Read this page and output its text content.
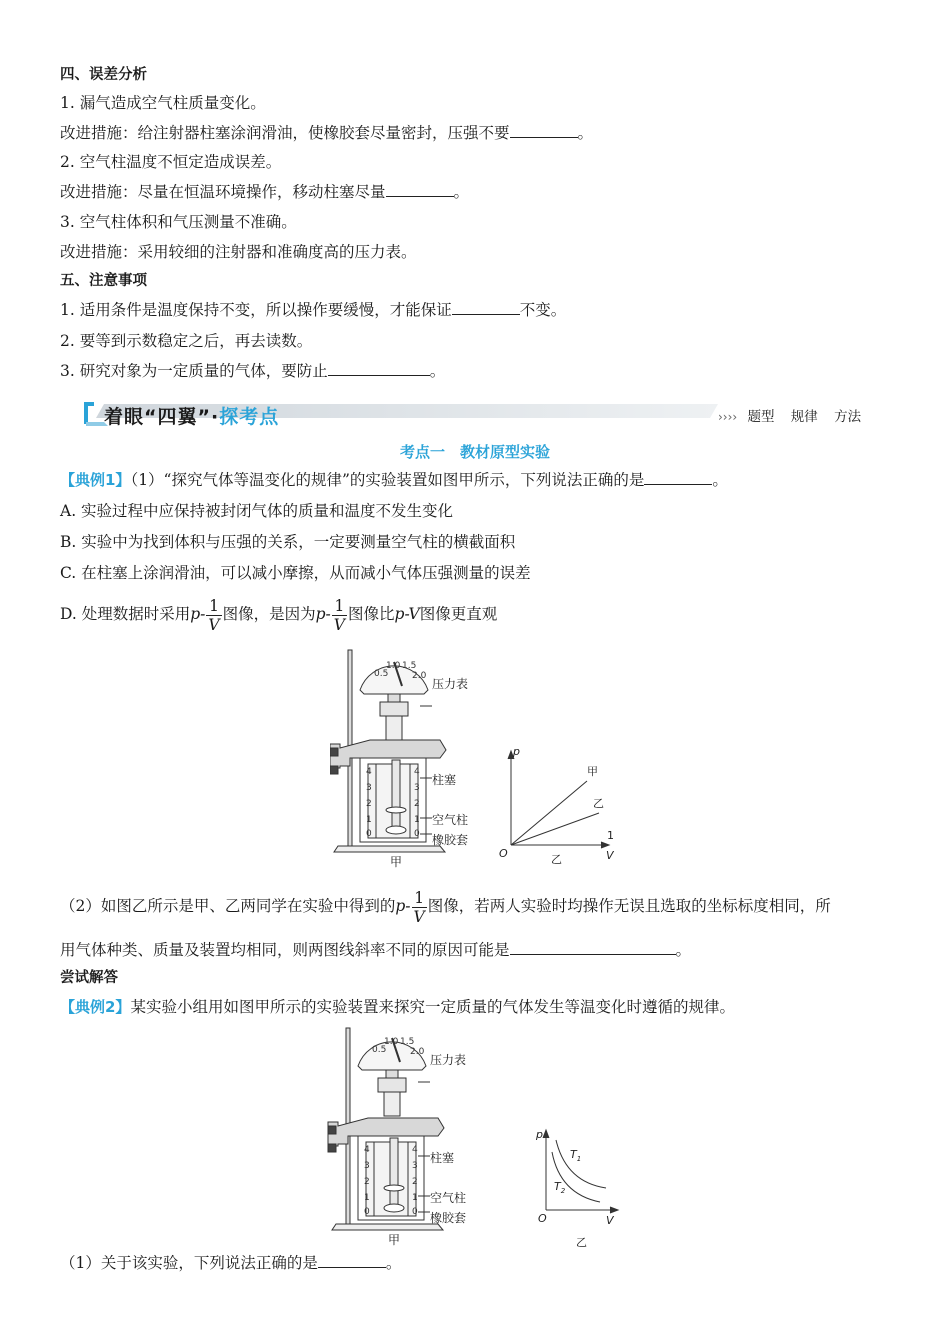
四、误差分析
1. 漏气造成空气柱质量变化。
改进措施：给注射器柱塞涂润滑油，使橡胶套尽量密封，压强不要	。
2. 空气柱温度不恒定造成误差。
改进措施：尽量在恒温环境操作，移动柱塞尽量	。
3. 空气柱体积和气压测量不准确。
改进措施：采用较细的注射器和准确度高的压力表。
五、注意事项
1. 适用条件是温度保持不变，所以操作要缓慢，才能保证	不变。
2. 要等到示数稳定之后，再去读数。
3. 研究对象为一定质量的气体，要防止	。
着眼“四翼”·探考点	›››› 题型 规律 方法
考点一　教材原型实验
【典例1】（1）“探究气体等温变化的规律”的实验装置如图甲所示，下列说法正确的是	。
A. 实验过程中应保持被封闭气体的质量和温度不发生变化
B. 实验中为找到体积与压强的关系，一定要测量空气柱的横截面积
C. 在柱塞上涂润滑油，可以减小摩擦，从而减小气体压强测量的误差
D. 处理数据时采用$p- \frac{1}{V}$ 图像，是因为$p- \frac{1}{V}$ 图像比p-V图像更直观
0.5
1.0 1.5
2.0
4
3
2
1
0
4
3
2
1
0
压力表
柱塞
空气柱
橡胶套
甲
p
O
1
V
甲
乙
乙
（2）如图乙所示是甲、乙两同学在实验中得到的$p- \frac{1}{V}$ 图像，若两人实验时均操作无误且选取的坐标标度相同，所
用气体种类、质量及装置均相同，则两图线斜率不同的原因可能是	。
尝试解答
【典例2】某实验小组用如图甲所示的实验装置来探究一定质量的气体发生等温变化时遵循的规律。
0.5
1.0 1.5
2.0
4
3
2
1
0
4
3
2
1
0
压力表
柱塞
空气柱
橡胶套
甲
p
O	V
$T_1$
$T_2$
乙
（1）关于该实验，下列说法正确的是	。
